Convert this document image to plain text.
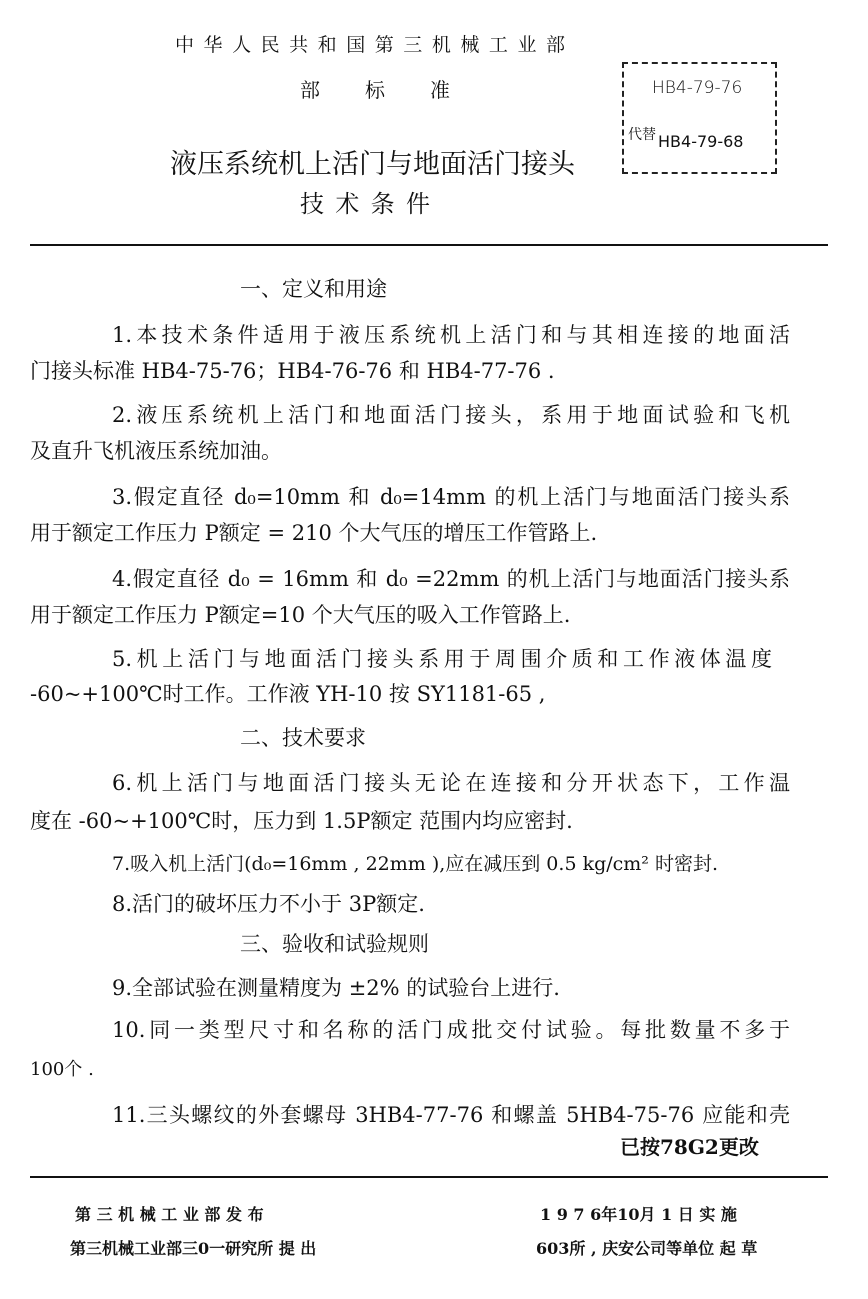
中华人民共和国第三机械工业部
部标准
液压系统机上活门与地面活门接头
技术条件
HB4-79-76
代替 HB4-79-68
一、定义和用途
1.本技术条件适用于液压系统机上活门和与其相连接的地面活
门接头标准 HB4-75-76；HB4-76-76 和 HB4-77-76 .
2.液压系统机上活门和地面活门接头，系用于地面试验和飞机
及直升飞机液压系统加油。
3.假定直径 d₀=10mm 和 d₀=14mm 的机上活门与地面活门接头系
用于额定工作压力 P额定 = 210 个大气压的增压工作管路上.
4.假定直径 d₀ = 16mm 和 d₀ =22mm 的机上活门与地面活门接头系
用于额定工作压力 P额定=10 个大气压的吸入工作管路上.
5.机上活门与地面活门接头系用于周围介质和工作液体温度
-60~+100℃时工作。工作液 YH-10 按 SY1181-65 ,
二、技术要求
6.机上活门与地面活门接头无论在连接和分开状态下，工作温
度在 -60~+100℃时，压力到 1.5P额定 范围内均应密封.
7.吸入机上活门(d₀=16mm , 22mm ),应在减压到 0.5 kg/cm² 时密封.
8.活门的破坏压力不小于 3P额定.
三、验收和试验规则
9.全部试验在测量精度为 ±2% 的试验台上进行.
10.同一类型尺寸和名称的活门成批交付试验。每批数量不多于
100个 .
11.三头螺纹的外套螺母 3HB4-77-76 和螺盖 5HB4-75-76 应能和壳
已按78G2更改
第 三 机 械 工 业 部 发 布	1 9 7 6年10月 1 日 实 施
第三机械工业部三0一研究所 提 出	603所 , 庆安公司等单位 起 草
